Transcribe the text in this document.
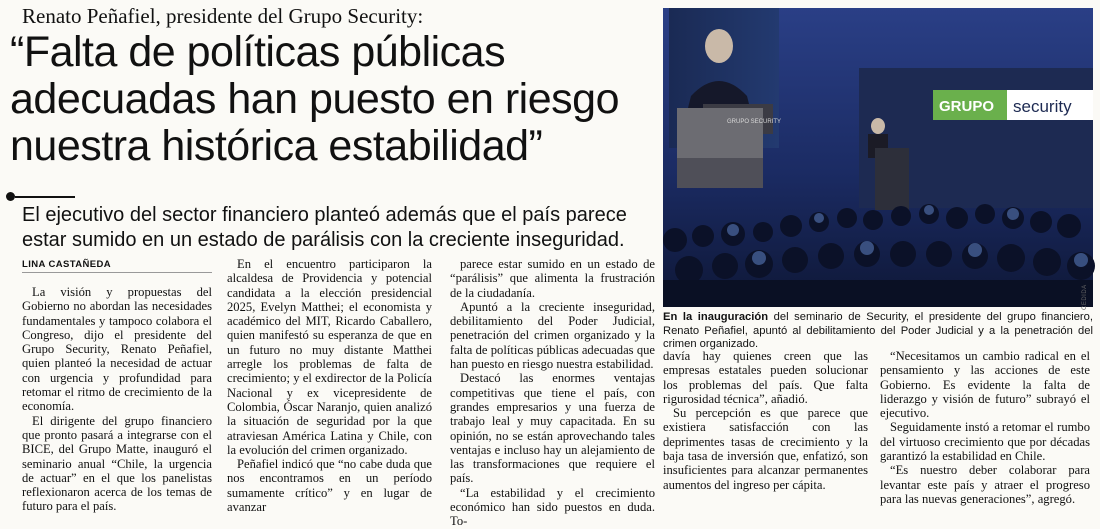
Renato Peñafiel, presidente del Grupo Security:
“Falta de políticas públicas adecuadas han puesto en riesgo nuestra histórica estabilidad”
El ejecutivo del sector financiero planteó además que el país parece estar sumido en un estado de parálisis con la creciente inseguridad.
LINA CASTAÑEDA

La visión y propuestas del Gobierno no abordan las necesidades fundamentales y tampoco colabora el Congreso, dijo el presidente del Grupo Security, Renato Peñafiel, quien planteó la necesidad de actuar con urgencia y profundidad para retomar el ritmo de crecimiento de la economía.

El dirigente del grupo financiero que pronto pasará a integrarse con el BICE, del Grupo Matte, inauguró el seminario anual “Chile, la urgencia de actuar” en el que los panelistas reflexionaron acerca de los temas de futuro para el país.

En el encuentro participaron la alcaldesa de Providencia y potencial candidata a la elección presidencial 2025, Evelyn Matthei; el economista y académico del MIT, Ricardo Caballero, quien manifestó su esperanza de que en un futuro no muy distante Matthei arregle los problemas de falta de crecimiento; y el exdirector de la Policía Nacional y ex vicepresidente de Colombia, Óscar Naranjo, quien analizó la situación de seguridad por la que atraviesan América Latina y Chile, con la evolución del crimen organizado.

Peñafiel indicó que “no cabe duda que nos encontramos en un período sumamente crítico” y en lugar de avanzar

parece estar sumido en un estado de “parálisis” que alimenta la frustración de la ciudadanía.

Apuntó a la creciente inseguridad, debilitamiento del Poder Judicial, penetración del crimen organizado y la falta de políticas públicas adecuadas que han puesto en riesgo nuestra estabilidad.

Destacó las enormes ventajas competitivas que tiene el país, con grandes empresarios y una fuerza de trabajo leal y muy capacitada. En su opinión, no se están aprovechando tales ventajas e incluso hay un alejamiento de las transformaciones que requiere el país.

“La estabilidad y el crecimiento económico han sido puestos en duda. To-

davía hay quienes creen que las empresas estatales pueden solucionar los problemas del país. Que falta rigurosidad técnica”, añadió.

Su percepción es que parece que existiera satisfacción con las deprimentes tasas de crecimiento y la baja tasa de inversión que, enfatizó, son insuficientes para alcanzar permanentes aumentos del ingreso per cápita.

“Necesitamos un cambio radical en el pensamiento y las acciones de este Gobierno. Es evidente la falta de liderazgo y visión de futuro” subrayó el ejecutivo.

Seguidamente instó a retomar el rumbo del virtuoso crecimiento que por décadas garantizó la estabilidad en Chile.

“Es nuestro deber colaborar para levantar este país y atraer el progreso para las nuevas generaciones”, agregó.

GRUPO security
GRUPO SECURITY
CEDIDA
En la inauguración del seminario de Security, el presidente del grupo financiero, Renato Peñafiel, apuntó al debilitamiento del Poder Judicial y a la penetración del crimen organizado.
